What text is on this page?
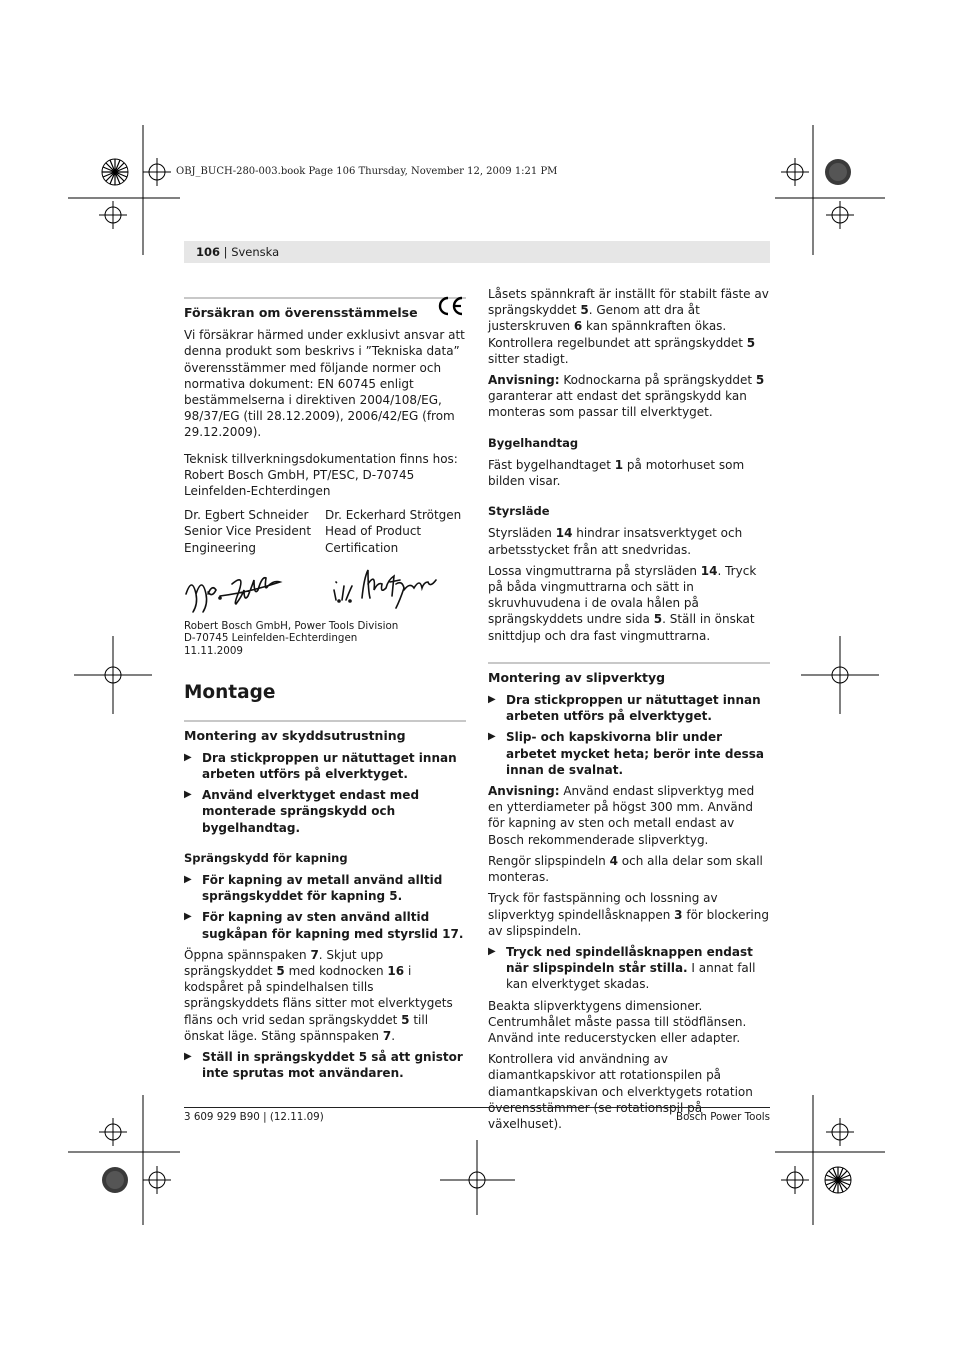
OBJ_BUCH-280-003.book Page 106 Thursday, November 12, 2009 1:21 PM
106 | Svenska
Försäkran om överensstämmelse

Vi försäkrar härmed under exklusivt ansvar att denna produkt som beskrivs i ”Tekniska data” överensstämmer med följande normer och normativa dokument: EN 60745 enligt bestämmelserna i direktiven 2004/108/EG, 98/37/EG (till 28.12.2009), 2006/42/EG (from 29.12.2009).

Teknisk tillverkningsdokumentation finns hos: Robert Bosch GmbH, PT/ESC, D-70745 Leinfelden-Echterdingen

Dr. Egbert Schneider
Senior Vice President
Engineering
Dr. Eckerhard Strötgen
Head of Product
Certification
Robert Bosch GmbH, Power Tools Division
D-70745 Leinfelden-Echterdingen
11.11.2009
Montage
Montering av skyddsutrustning
▶ Dra stickproppen ur nätuttaget innan arbeten utförs på elverktyget.
▶ Använd elverktyget endast med monterade sprängskydd och bygelhandtag.
Sprängskydd för kapning
▶ För kapning av metall använd alltid sprängskyddet för kapning 5.
▶ För kapning av sten använd alltid sugkåpan för kapning med styrslid 17.

Öppna spännspaken 7. Skjut upp sprängskyddet 5 med kodnocken 16 i kodspåret på spindelhalsen tills sprängskyddets fläns sitter mot elverktygets fläns och vrid sedan sprängskyddet 5 till önskat läge. Stäng spännspaken 7.

▶ Ställ in sprängskyddet 5 så att gnistor inte sprutas mot användaren.

Låsets spännkraft är inställt för stabilt fäste av sprängskyddet 5. Genom att dra åt justerskruven 6 kan spännkraften ökas. Kontrollera regelbundet att sprängskyddet 5 sitter stadigt.

Anvisning: Kodnockarna på sprängskyddet 5 garanterar att endast det sprängskydd kan monteras som passar till elverktyget.

Bygelhandtag

Fäst bygelhandtaget 1 på motorhuset som bilden visar.

Styrsläde

Styrsläden 14 hindrar insatsverktyget och arbetsstycket från att snedvridas.

Lossa vingmuttrarna på styrsläden 14. Tryck på båda vingmuttrarna och sätt in skruvhuvudena i de ovala hålen på sprängskyddets undre sida 5. Ställ in önskat snittdjup och dra fast vingmuttrarna.

Montering av slipverktyg
▶ Dra stickproppen ur nätuttaget innan arbeten utförs på elverktyget.
▶ Slip- och kapskivorna blir under arbetet mycket heta; berör inte dessa innan de svalnat.

Anvisning: Använd endast slipverktyg med en ytterdiameter på högst 300 mm. Använd för kapning av sten och metall endast av Bosch rekommenderade slipverktyg.

Rengör slipspindeln 4 och alla delar som skall monteras.

Tryck för fastspänning och lossning av slipverktyg spindellåsknappen 3 för blockering av slipspindeln.

▶ Tryck ned spindellåsknappen endast när slipspindeln står stilla. I annat fall kan elverktyget skadas.

Beakta slipverktygens dimensioner. Centrumhålet måste passa till stödflänsen. Använd inte reducerstycken eller adapter.

Kontrollera vid användning av diamantkapskivor att rotationspilen på diamantkapskivan och elverktygets rotation överensstämmer (se rotationspil på växelhuset).

3 609 929 B90 | (12.11.09)	Bosch Power Tools
